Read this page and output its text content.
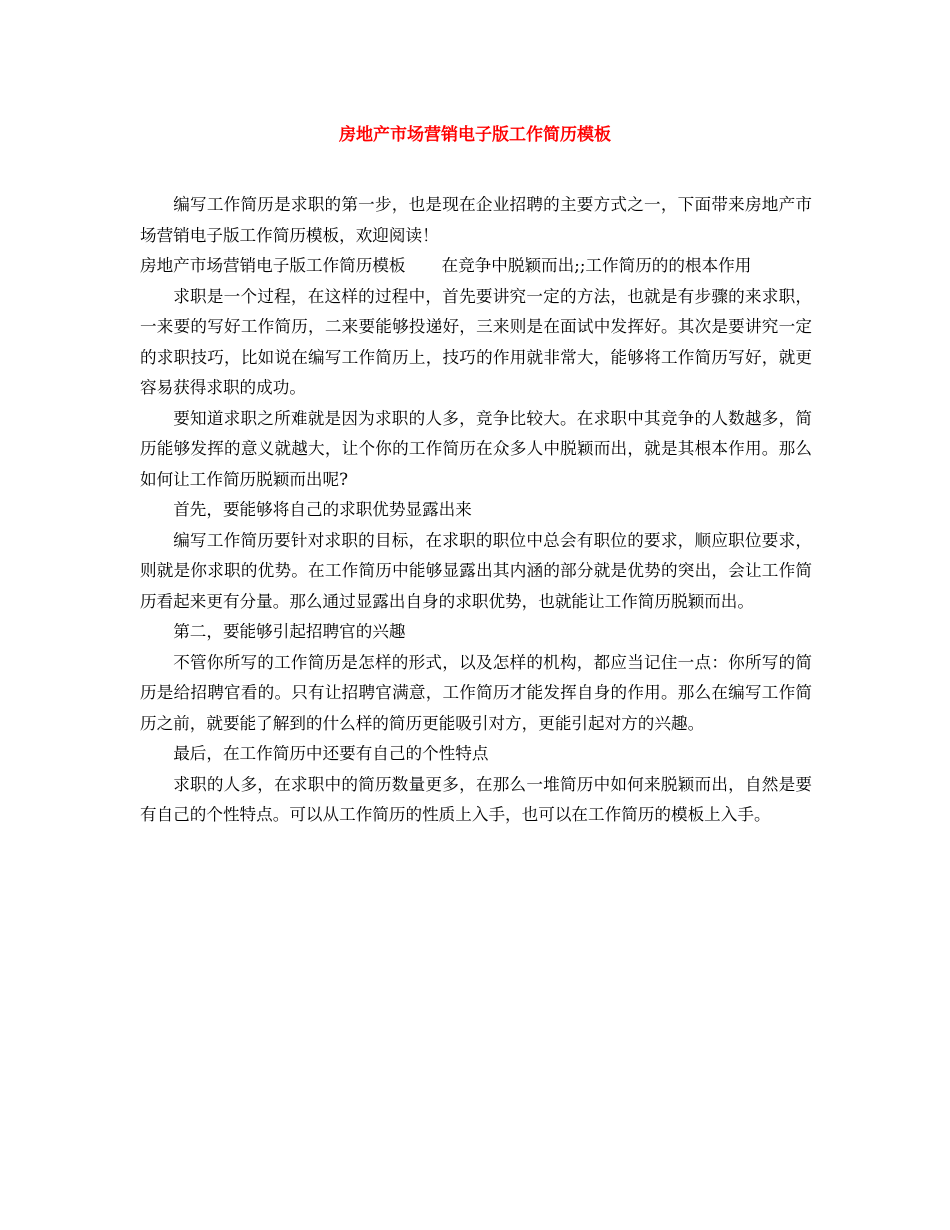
房地产市场营销电子版工作简历模板

编写工作简历是求职的第一步，也是现在企业招聘的主要方式之一，下面带来房地产市场营销电子版工作简历模板，欢迎阅读！

房地产市场营销电子版工作简历模板 在竞争中脱颖而出;;工作简历的的根本作用

求职是一个过程，在这样的过程中，首先要讲究一定的方法，也就是有步骤的来求职，一来要的写好工作简历，二来要能够投递好，三来则是在面试中发挥好。其次是要讲究一定的求职技巧，比如说在编写工作简历上，技巧的作用就非常大，能够将工作简历写好，就更容易获得求职的成功。

要知道求职之所难就是因为求职的人多，竞争比较大。在求职中其竞争的人数越多，简历能够发挥的意义就越大，让个你的工作简历在众多人中脱颖而出，就是其根本作用。那么如何让工作简历脱颖而出呢?

首先，要能够将自己的求职优势显露出来

编写工作简历要针对求职的目标，在求职的职位中总会有职位的要求，顺应职位要求，则就是你求职的优势。在工作简历中能够显露出其内涵的部分就是优势的突出，会让工作简历看起来更有分量。那么通过显露出自身的求职优势，也就能让工作简历脱颖而出。

第二，要能够引起招聘官的兴趣

不管你所写的工作简历是怎样的形式，以及怎样的机构，都应当记住一点：你所写的简历是给招聘官看的。只有让招聘官满意，工作简历才能发挥自身的作用。那么在编写工作简历之前，就要能了解到的什么样的简历更能吸引对方，更能引起对方的兴趣。

最后，在工作简历中还要有自己的个性特点

求职的人多，在求职中的简历数量更多，在那么一堆简历中如何来脱颖而出，自然是要有自己的个性特点。可以从工作简历的性质上入手，也可以在工作简历的模板上入手。
